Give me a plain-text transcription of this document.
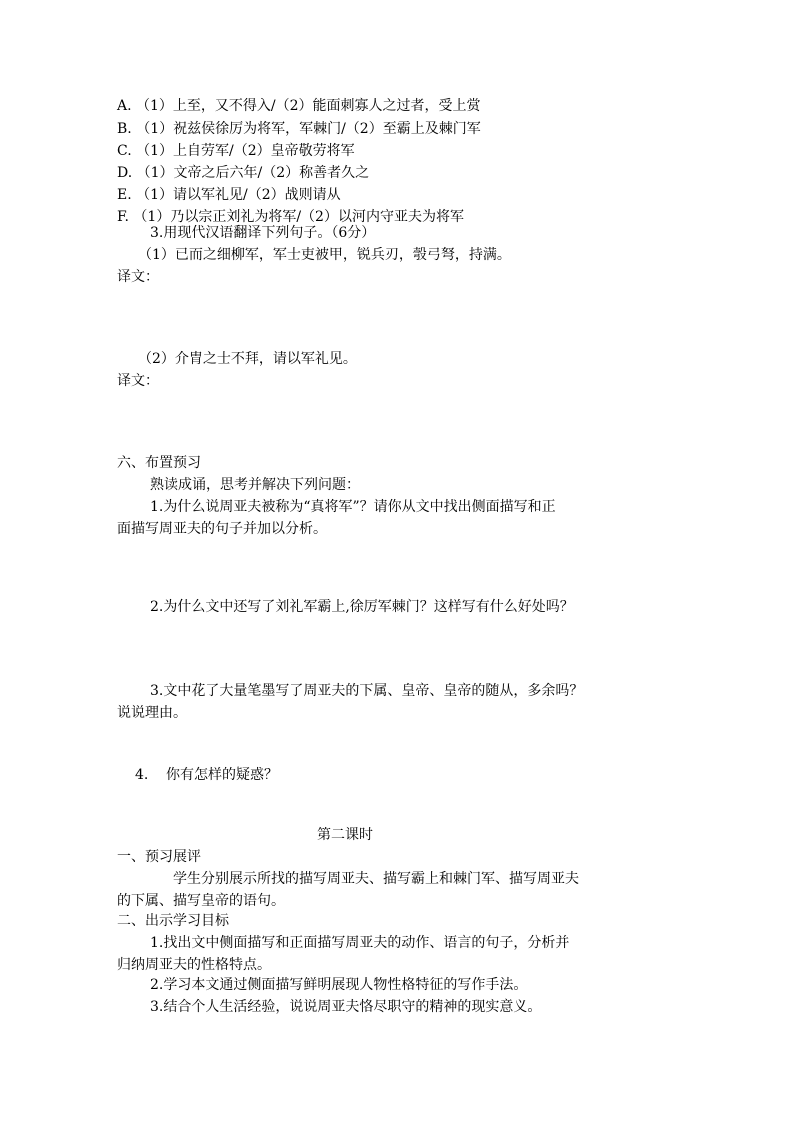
A. （1）上至，又不得入/（2）能面刺寡人之过者，受上赏
B. （1）祝兹侯徐厉为将军，军棘门/（2）至霸上及棘门军
C. （1）上自劳军/（2）皇帝敬劳将军
D. （1）文帝之后六年/（2）称善者久之
E. （1）请以军礼见/（2）战则请从
F. （1）乃以宗正刘礼为将军/（2）以河内守亚夫为将军
3.用现代汉语翻译下列句子。（6分）
（1）已而之细柳军，军士吏被甲，锐兵刃，彀弓弩，持满。
译文：
（2）介胄之士不拜，请以军礼见。
译文：
六、布置预习
熟读成诵，思考并解决下列问题：
1.为什么说周亚夫被称为“真将军”？请你从文中找出侧面描写和正
面描写周亚夫的句子并加以分析。
2.为什么文中还写了刘礼军霸上,徐厉军棘门？这样写有什么好处吗？
3.文中花了大量笔墨写了周亚夫的下属、皇帝、皇帝的随从，多余吗？
说说理由。
4. 你有怎样的疑惑？
第二课时
一、预习展评
学生分别展示所找的描写周亚夫、描写霸上和棘门军、描写周亚夫
的下属、描写皇帝的语句。
二、出示学习目标
1.找出文中侧面描写和正面描写周亚夫的动作、语言的句子，分析并
归纳周亚夫的性格特点。
2.学习本文通过侧面描写鲜明展现人物性格特征的写作手法。
3.结合个人生活经验，说说周亚夫恪尽职守的精神的现实意义。
